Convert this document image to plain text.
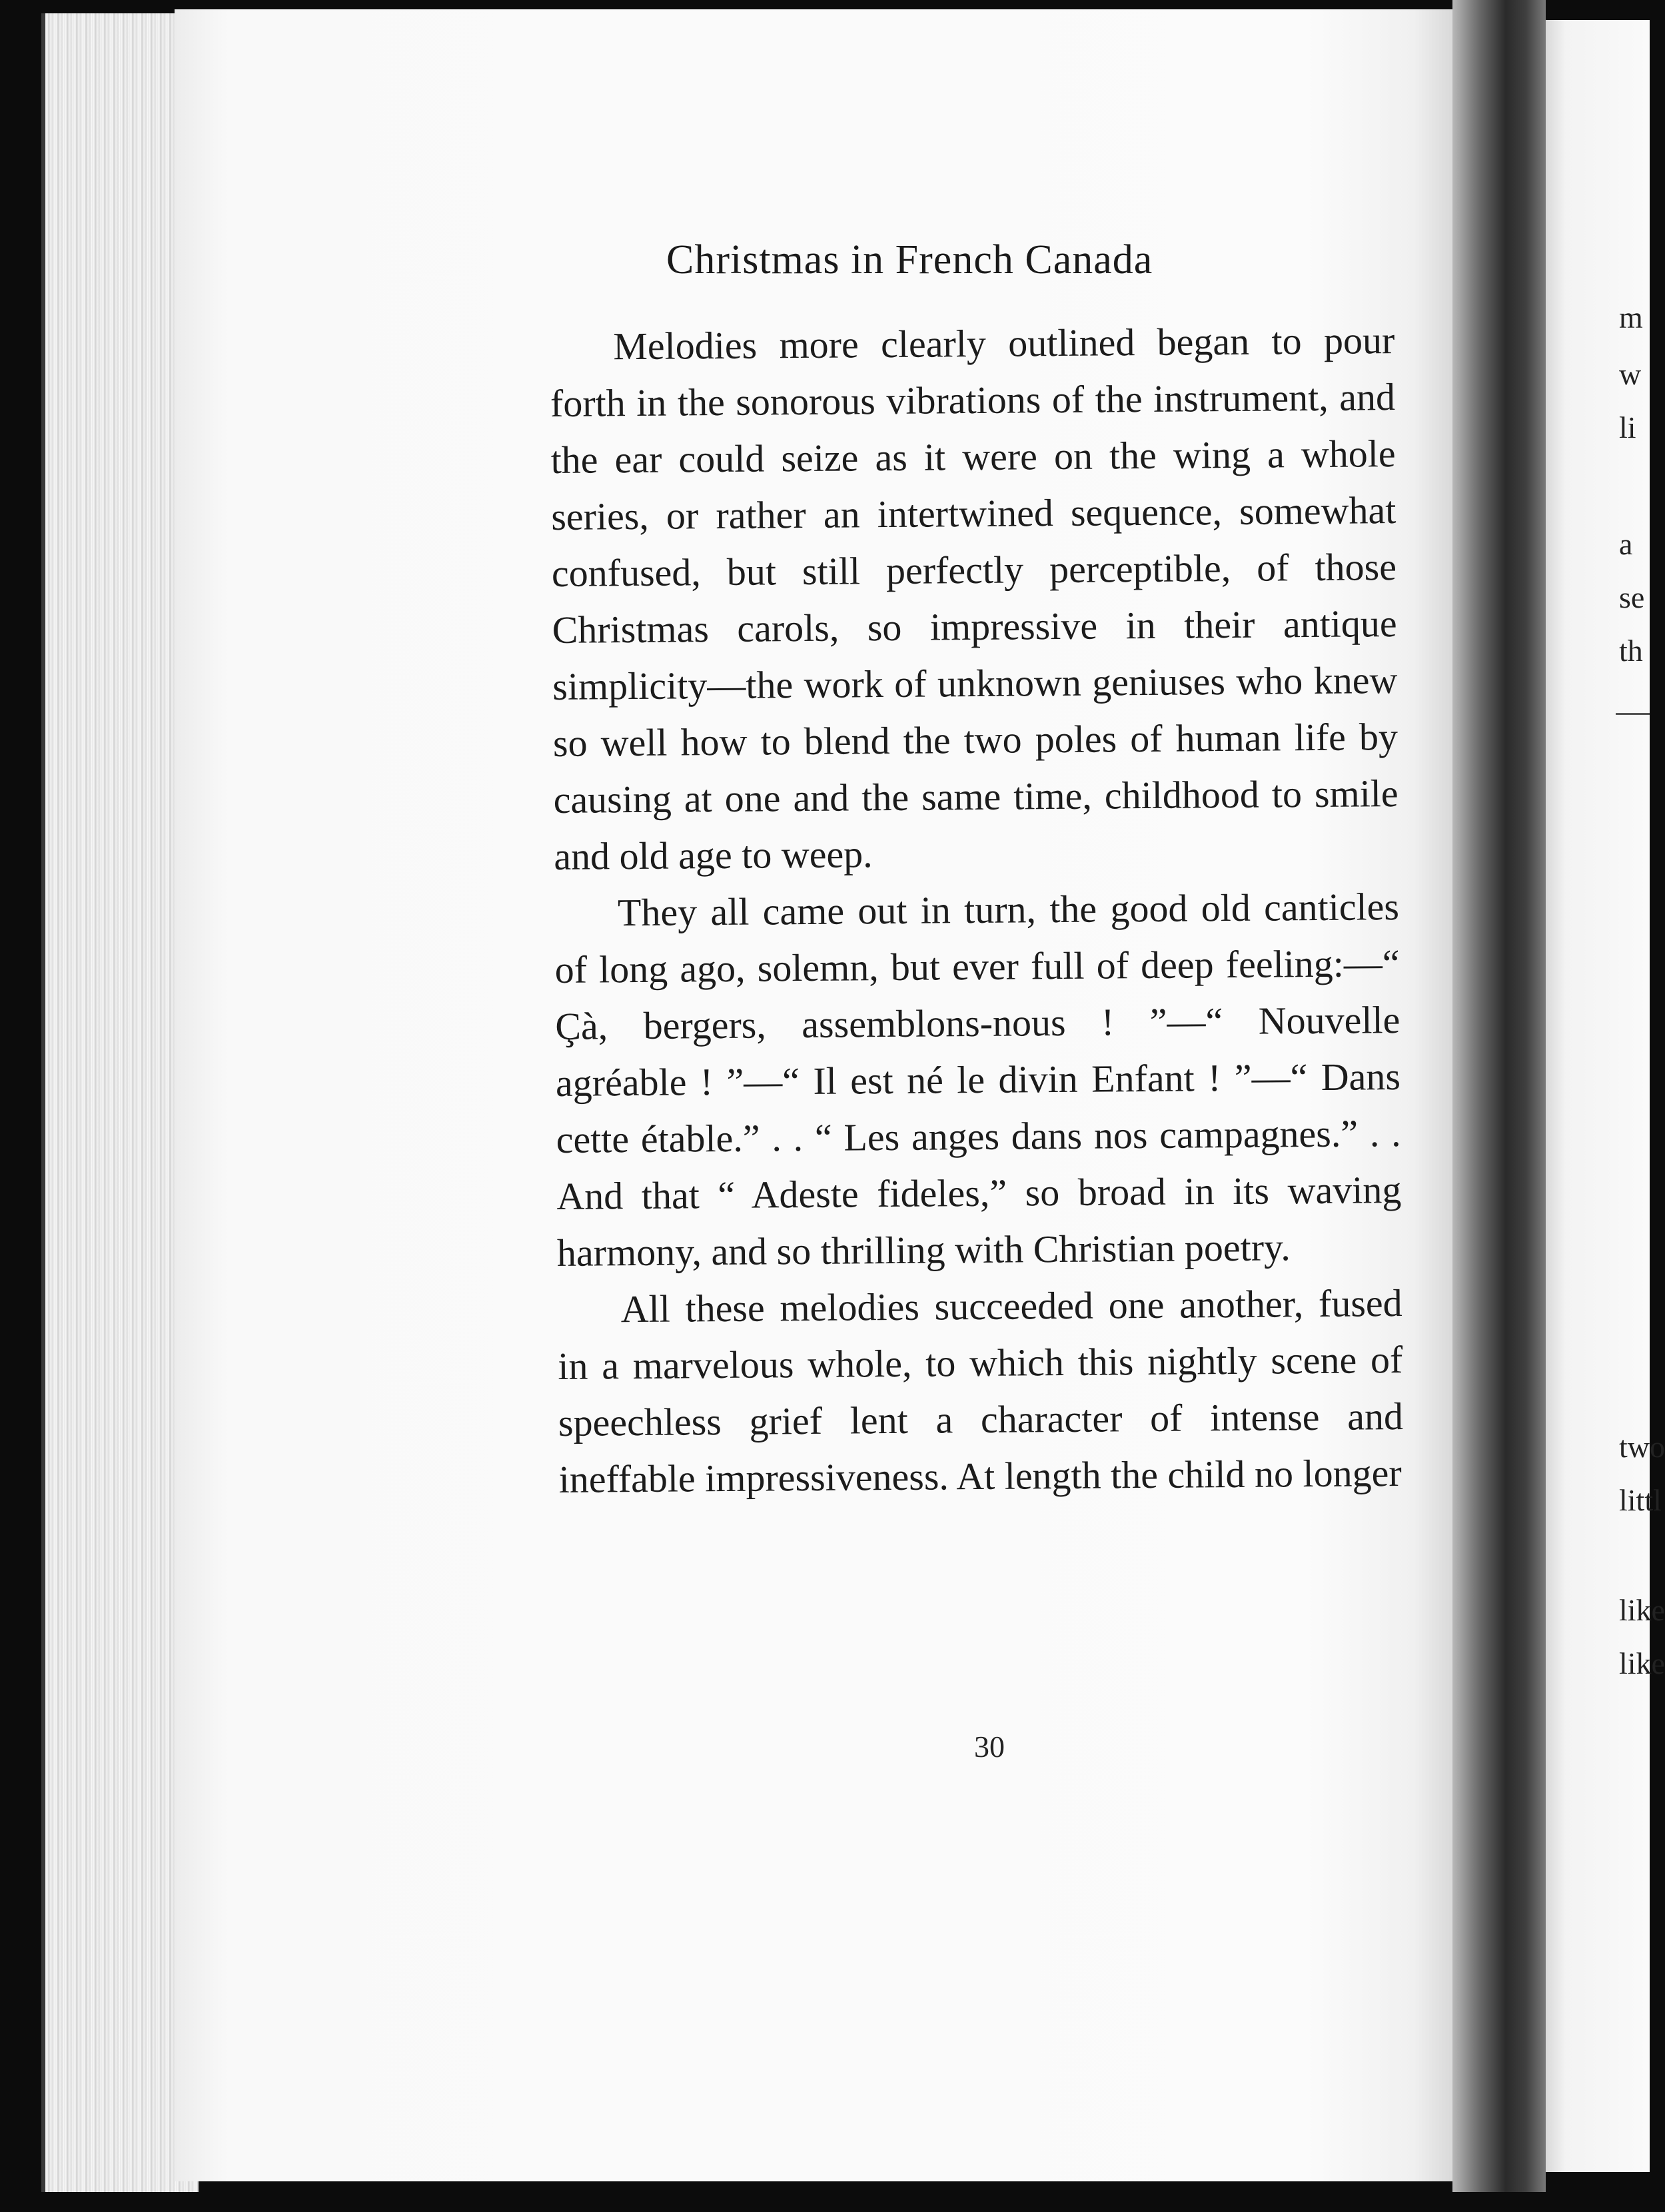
m
w
li
a
se
th
two
littl
like
like
Christmas in French Canada

Melodies more clearly outlined began to pour forth in the sonorous vibrations of the instrument, and the ear could seize as it were on the wing a whole series, or rather an intertwined sequence, somewhat confused, but still perfectly perceptible, of those Christmas carols, so impressive in their antique simplicity—the work of unknown geniuses who knew so well how to blend the two poles of human life by causing at one and the same time, childhood to smile and old age to weep.

They all came out in turn, the good old canticles of long ago, solemn, but ever full of deep feeling:—“ Çà, bergers, assemblons-nous ! ”—“ Nouvelle agréable ! ”—“ Il est né le divin Enfant ! ”—“ Dans cette étable.” . . “ Les anges dans nos campagnes.” . . And that “ Adeste fideles,” so broad in its waving harmony, and so thrilling with Christian poetry.

All these melodies succeeded one another, fused in a marvelous whole, to which this nightly scene of speechless grief lent a character of intense and ineffable impressiveness. At length the child no longer

30
